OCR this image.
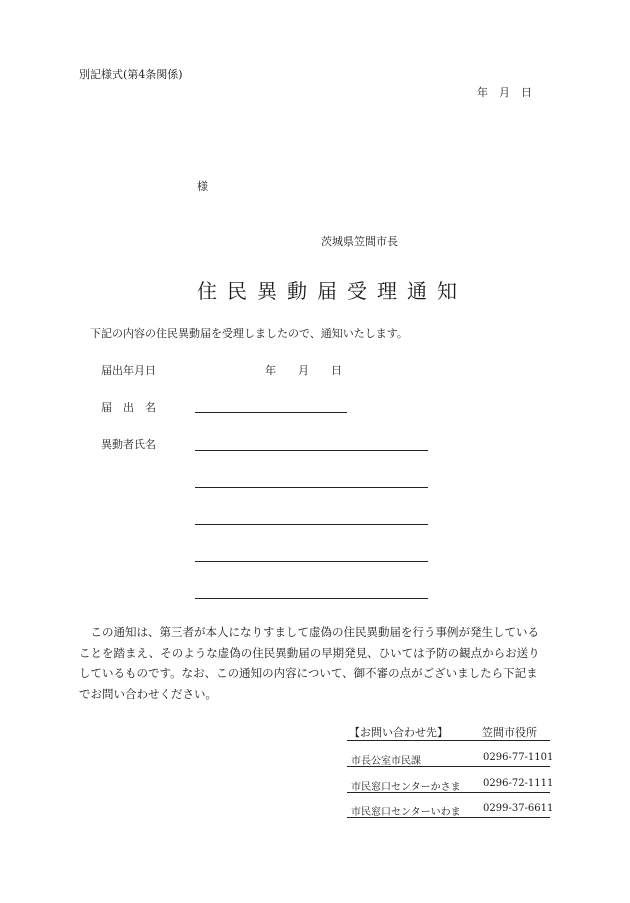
別記様式(第4条関係)
年　月　日
様
茨城県笠間市長
住民異動届受理通知
下記の内容の住民異動届を受理しましたので、通知いたします。
届出年月日	年　　月　　日
届　出　名
異動者氏名

　この通知は、第三者が本人になりすまして虚偽の住民異動届を行う事例が発生している

ことを踏まえ、そのような虚偽の住民異動届の早期発見、ひいては予防の観点からお送り

しているものです。なお、この通知の内容について、御不審の点がございましたら下記ま

でお問い合わせください。

【お問い合わせ先】	笠間市役所
市長公室市民課	0296-77-1101
市民窓口センターかさま 0296-72-1111
市民窓口センターいわま 0299-37-6611
